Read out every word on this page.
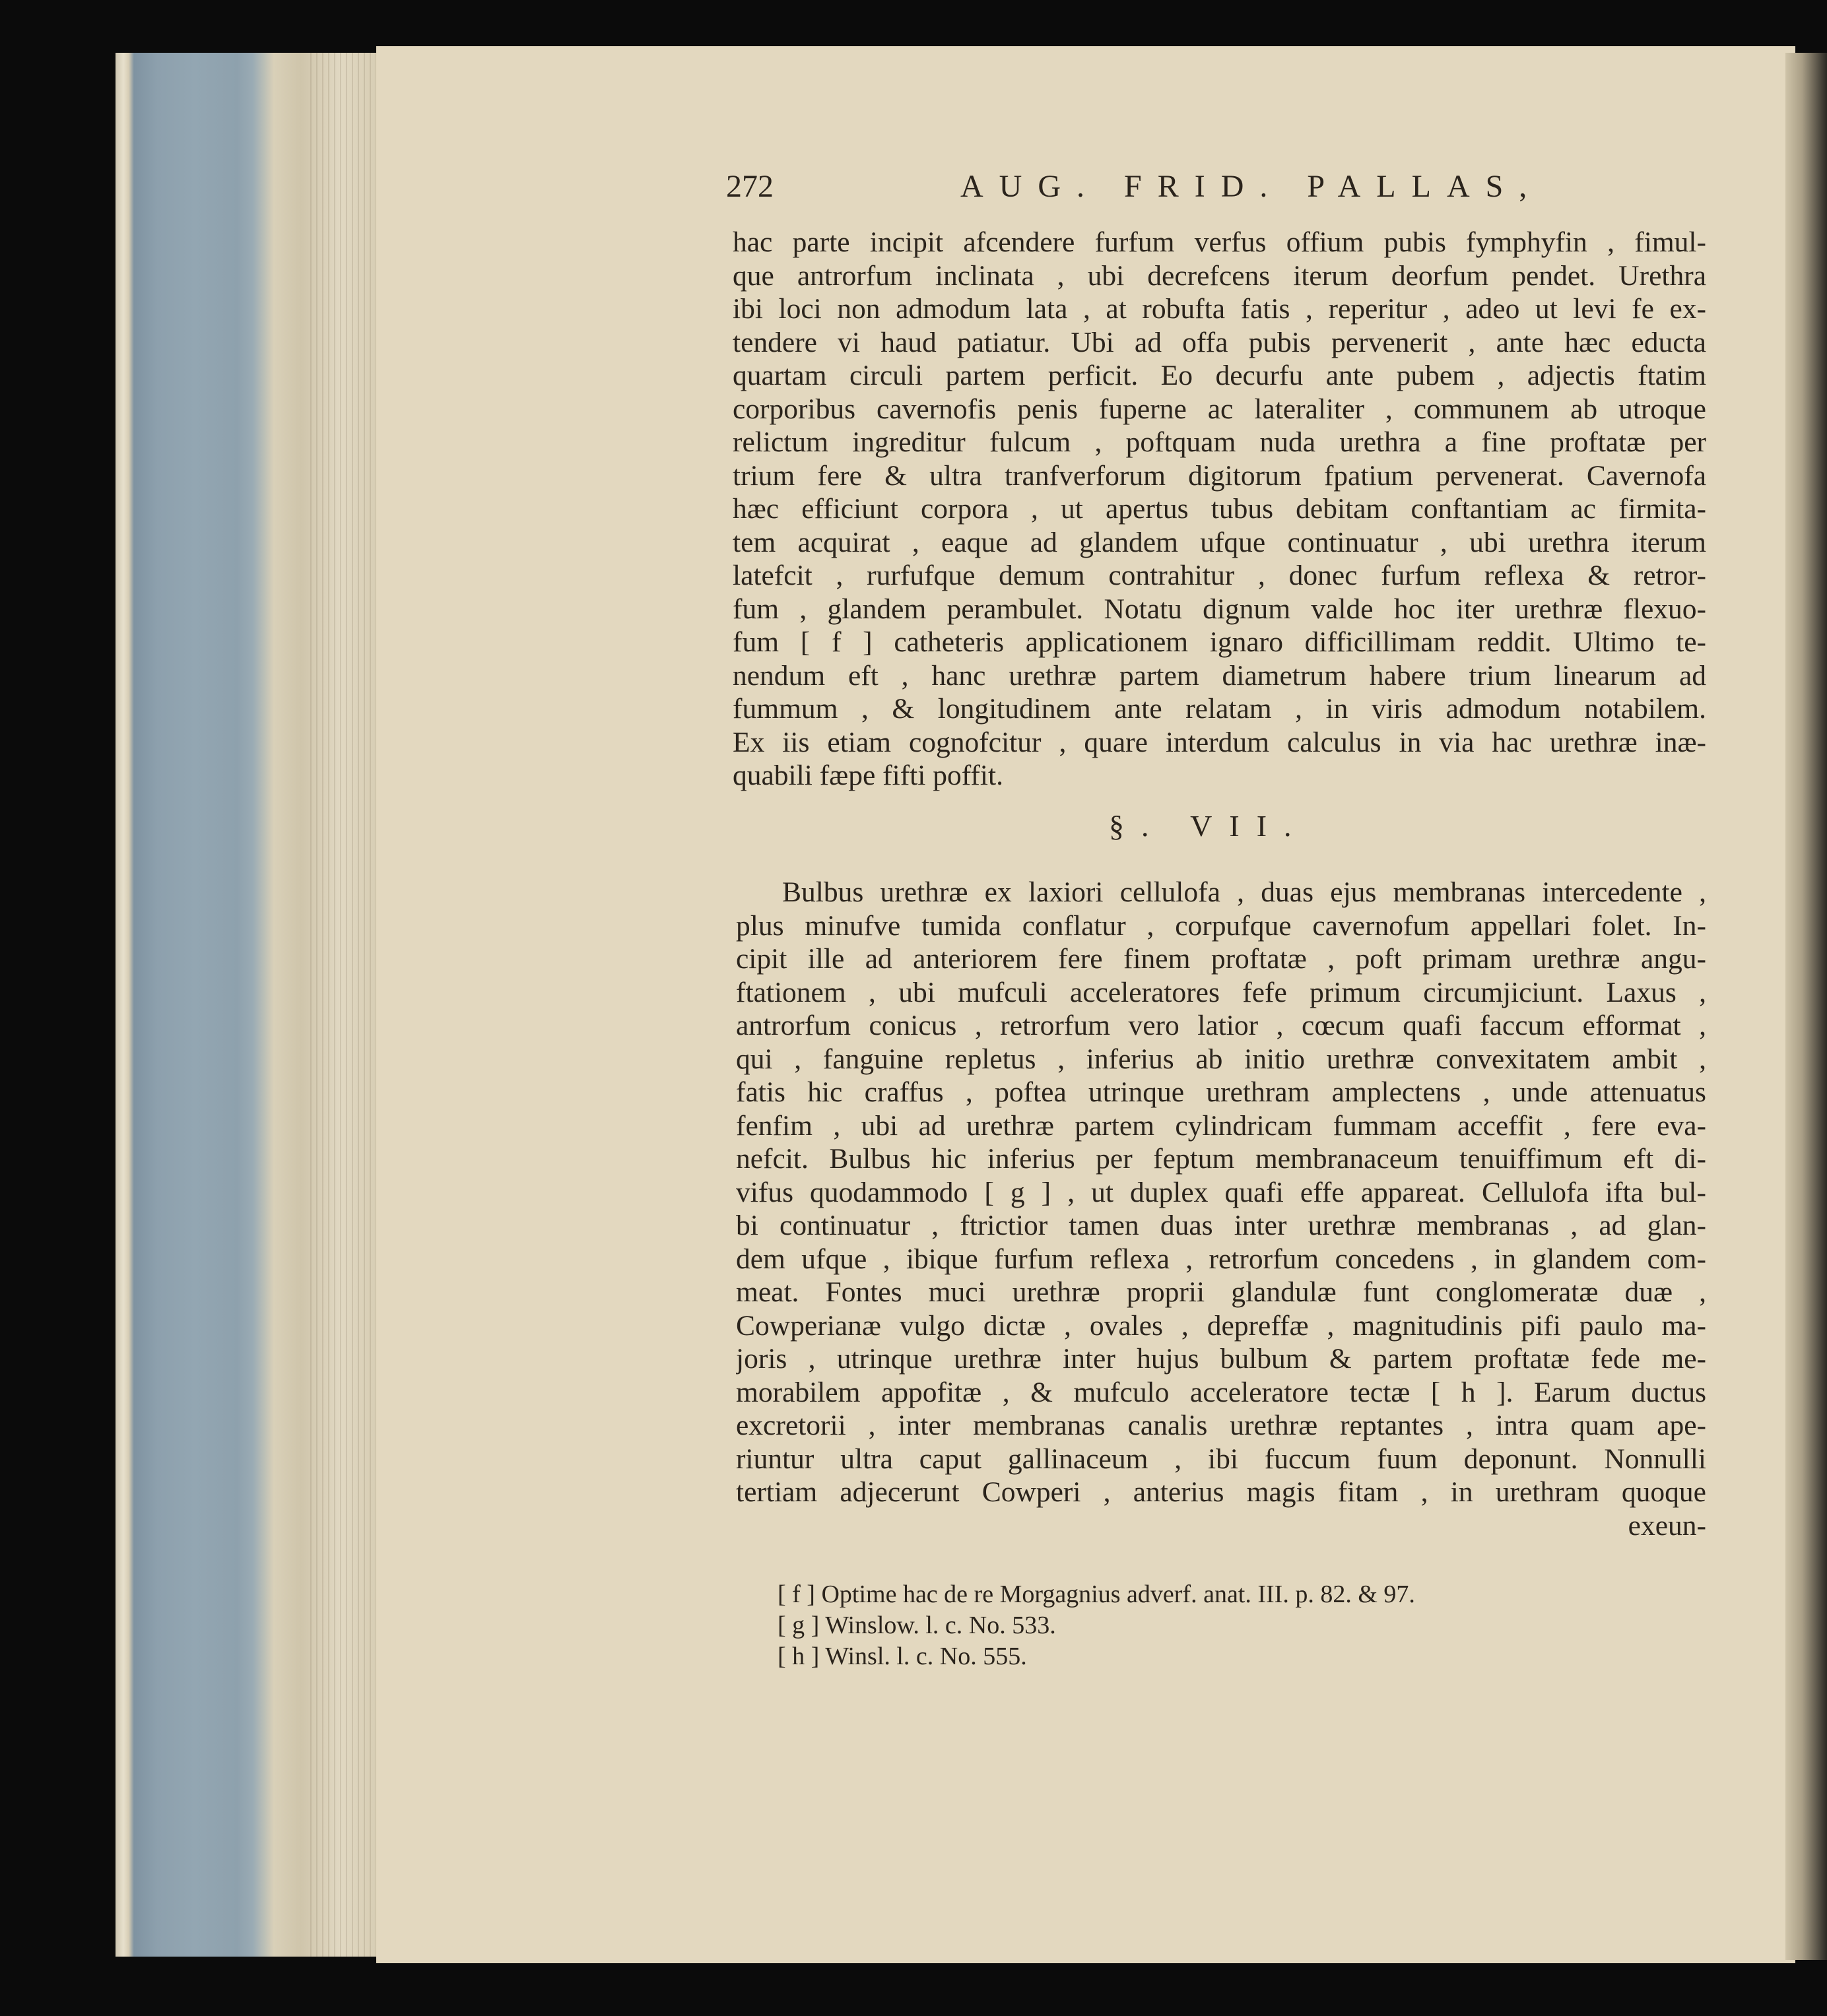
272	AUG. FRID. PALLAS,
hac parte incipit afcendere furfum verfus offium pubis fymphyfin , fimul-
que antrorfum inclinata , ubi decrefcens iterum deorfum pendet. Urethra
ibi loci non admodum lata , at robufta fatis , reperitur , adeo ut levi fe ex-
tendere vi haud patiatur. Ubi ad offa pubis pervenerit , ante hæc educta
quartam circuli partem perficit. Eo decurfu ante pubem , adjectis ftatim
corporibus cavernofis penis fuperne ac lateraliter , communem ab utroque
relictum ingreditur fulcum , poftquam nuda urethra a fine proftatæ per
trium fere & ultra tranfverforum digitorum fpatium pervenerat. Cavernofa
hæc efficiunt corpora , ut apertus tubus debitam conftantiam ac firmita-
tem acquirat , eaque ad glandem ufque continuatur , ubi urethra iterum
latefcit , rurfufque demum contrahitur , donec furfum reflexa & retror-
fum , glandem perambulet. Notatu dignum valde hoc iter urethræ flexuo-
fum [ f ] catheteris applicationem ignaro difficillimam reddit. Ultimo te-
nendum eft , hanc urethræ partem diametrum habere trium linearum ad
fummum , & longitudinem ante relatam , in viris admodum notabilem.
Ex iis etiam cognofcitur , quare interdum calculus in via hac urethræ inæ-
quabili fæpe fifti poffit.
§. VII.
Bulbus urethræ ex laxiori cellulofa , duas ejus membranas intercedente ,
plus minufve tumida conflatur , corpufque cavernofum appellari folet. In-
cipit ille ad anteriorem fere finem proftatæ , poft primam urethræ angu-
ftationem , ubi mufculi acceleratores fefe primum circumjiciunt. Laxus ,
antrorfum conicus , retrorfum vero latior , cœcum quafi faccum efformat ,
qui , fanguine repletus , inferius ab initio urethræ convexitatem ambit ,
fatis hic craffus , poftea utrinque urethram amplectens , unde attenuatus
fenfim , ubi ad urethræ partem cylindricam fummam acceffit , fere eva-
nefcit. Bulbus hic inferius per feptum membranaceum tenuiffimum eft di-
vifus quodammodo [ g ] , ut duplex quafi effe appareat. Cellulofa ifta bul-
bi continuatur , ftrictior tamen duas inter urethræ membranas , ad glan-
dem ufque , ibique furfum reflexa , retrorfum concedens , in glandem com-
meat. Fontes muci urethræ proprii glandulæ funt conglomeratæ duæ ,
Cowperianæ vulgo dictæ , ovales , depreffæ , magnitudinis pifi paulo ma-
joris , utrinque urethræ inter hujus bulbum & partem proftatæ fede me-
morabilem appofitæ , & mufculo acceleratore tectæ [ h ]. Earum ductus
excretorii , inter membranas canalis urethræ reptantes , intra quam ape-
riuntur ultra caput gallinaceum , ibi fuccum fuum deponunt. Nonnulli
tertiam adjecerunt Cowperi , anterius magis fitam , in urethram quoque
exeun-
[ f ] Optime hac de re Morgagnius adverf. anat. III. p. 82. & 97.
[ g ] Winslow. l. c. No. 533.
[ h ] Winsl. l. c. No. 555.
